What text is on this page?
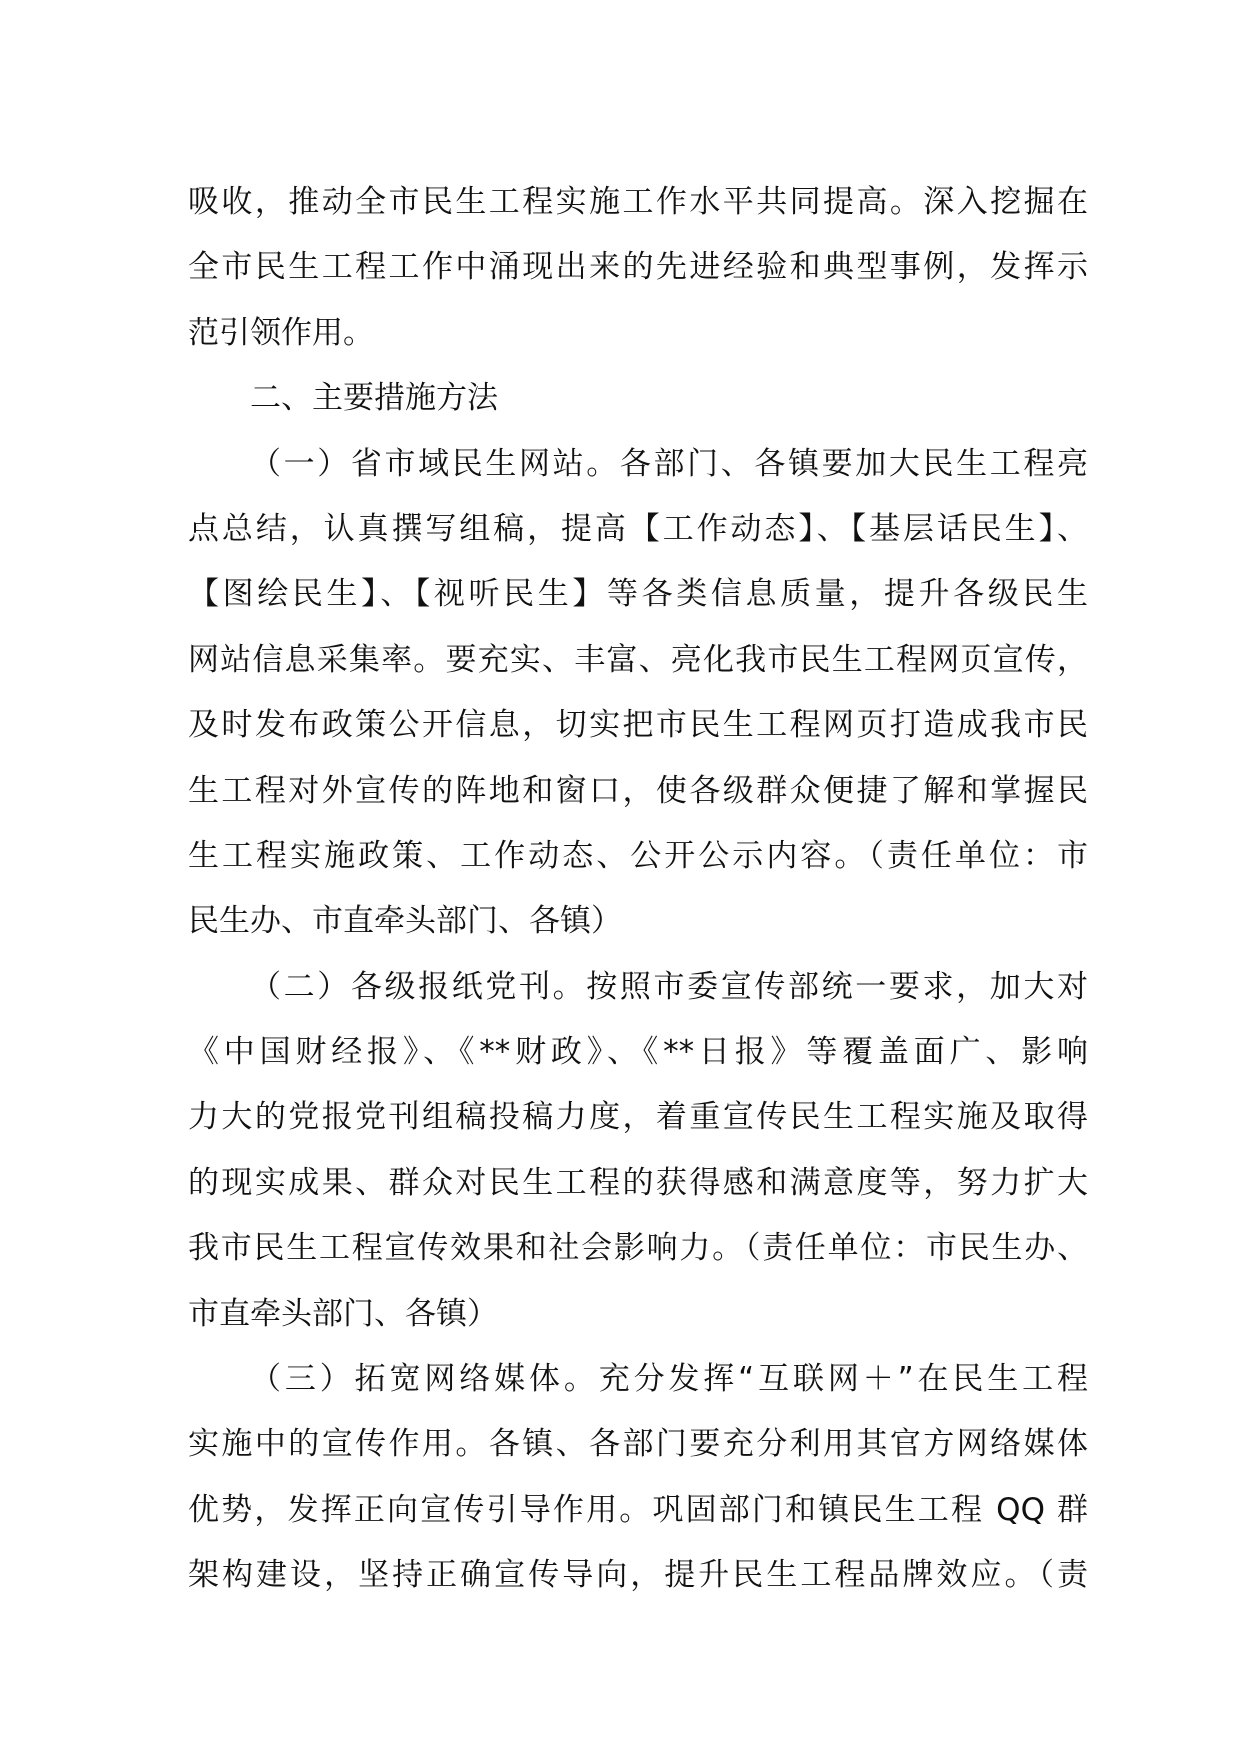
吸收，推动全市民生工程实施工作水平共同提高。深入挖掘在
全市民生工程工作中涌现出来的先进经验和典型事例，发挥示
范引领作用。
二、主要措施方法
（一）省市域民生网站。各部门、各镇要加大民生工程亮
点总结，认真撰写组稿，提高【工作动态】、【基层话民生】、
【图绘民生】、【视听民生】等各类信息质量，提升各级民生
网站信息采集率。要充实、丰富、亮化我市民生工程网页宣传，
及时发布政策公开信息，切实把市民生工程网页打造成我市民
生工程对外宣传的阵地和窗口，使各级群众便捷了解和掌握民
生工程实施政策、工作动态、公开公示内容。（责任单位：市
民生办、市直牵头部门、各镇）
（二）各级报纸党刊。按照市委宣传部统一要求，加大对
《中国财经报》、《**财政》、《**日报》等覆盖面广、影响
力大的党报党刊组稿投稿力度，着重宣传民生工程实施及取得
的现实成果、群众对民生工程的获得感和满意度等，努力扩大
我市民生工程宣传效果和社会影响力。（责任单位：市民生办、
市直牵头部门、各镇）
（三）拓宽网络媒体。充分发挥“互联网＋”在民生工程
实施中的宣传作用。各镇、各部门要充分利用其官方网络媒体
优势，发挥正向宣传引导作用。巩固部门和镇民生工程 QQ 群
架构建设，坚持正确宣传导向，提升民生工程品牌效应。（责
